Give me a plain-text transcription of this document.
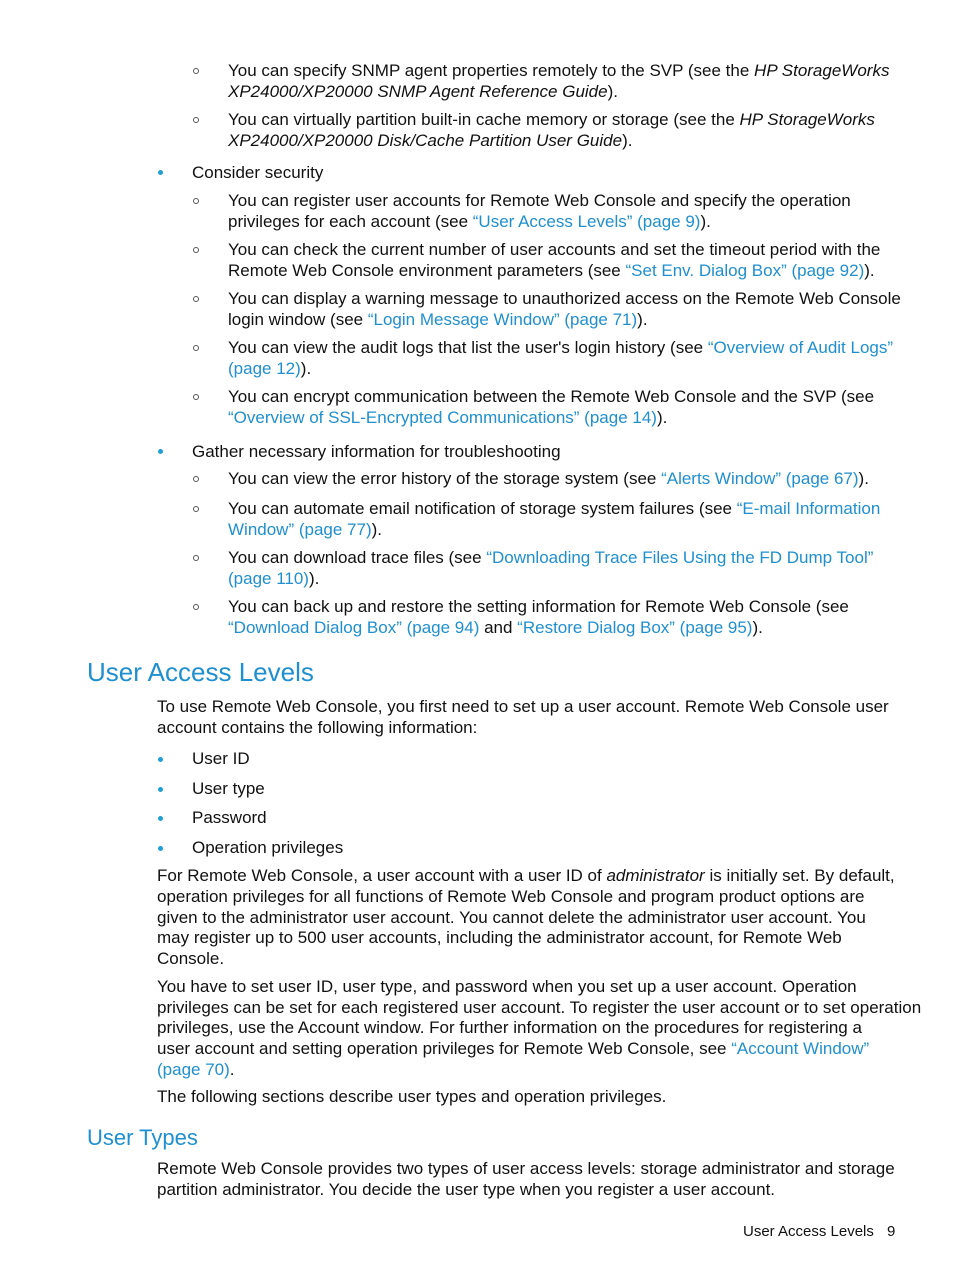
You can specify SNMP agent properties remotely to the SVP (see the HP StorageWorks
XP24000/XP20000 SNMP Agent Reference Guide).
You can virtually partition built-in cache memory or storage (see the HP StorageWorks
XP24000/XP20000 Disk/Cache Partition User Guide).
Consider security
You can register user accounts for Remote Web Console and specify the operation
privileges for each account (see “User Access Levels” (page 9)).
You can check the current number of user accounts and set the timeout period with the
Remote Web Console environment parameters (see “Set Env. Dialog Box” (page 92)).
You can display a warning message to unauthorized access on the Remote Web Console
login window (see “Login Message Window” (page 71)).
You can view the audit logs that list the user's login history (see “Overview of Audit Logs”
(page 12)).
You can encrypt communication between the Remote Web Console and the SVP (see
“Overview of SSL-Encrypted Communications” (page 14)).
Gather necessary information for troubleshooting
You can view the error history of the storage system (see “Alerts Window” (page 67)).
You can automate email notification of storage system failures (see “E-mail Information
Window” (page 77)).
You can download trace files (see “Downloading Trace Files Using the FD Dump Tool”
(page 110)).
You can back up and restore the setting information for Remote Web Console (see
“Download Dialog Box” (page 94) and “Restore Dialog Box” (page 95)).
User Access Levels
To use Remote Web Console, you first need to set up a user account. Remote Web Console user
account contains the following information:
User ID
User type
Password
Operation privileges
For Remote Web Console, a user account with a user ID of administrator is initially set. By default,
operation privileges for all functions of Remote Web Console and program product options are
given to the administrator user account. You cannot delete the administrator user account. You
may register up to 500 user accounts, including the administrator account, for Remote Web
Console.
You have to set user ID, user type, and password when you set up a user account. Operation
privileges can be set for each registered user account. To register the user account or to set operation
privileges, use the Account window. For further information on the procedures for registering a
user account and setting operation privileges for Remote Web Console, see “Account Window”
(page 70).
The following sections describe user types and operation privileges.
User Types
Remote Web Console provides two types of user access levels: storage administrator and storage
partition administrator. You decide the user type when you register a user account.
User Access Levels 9
